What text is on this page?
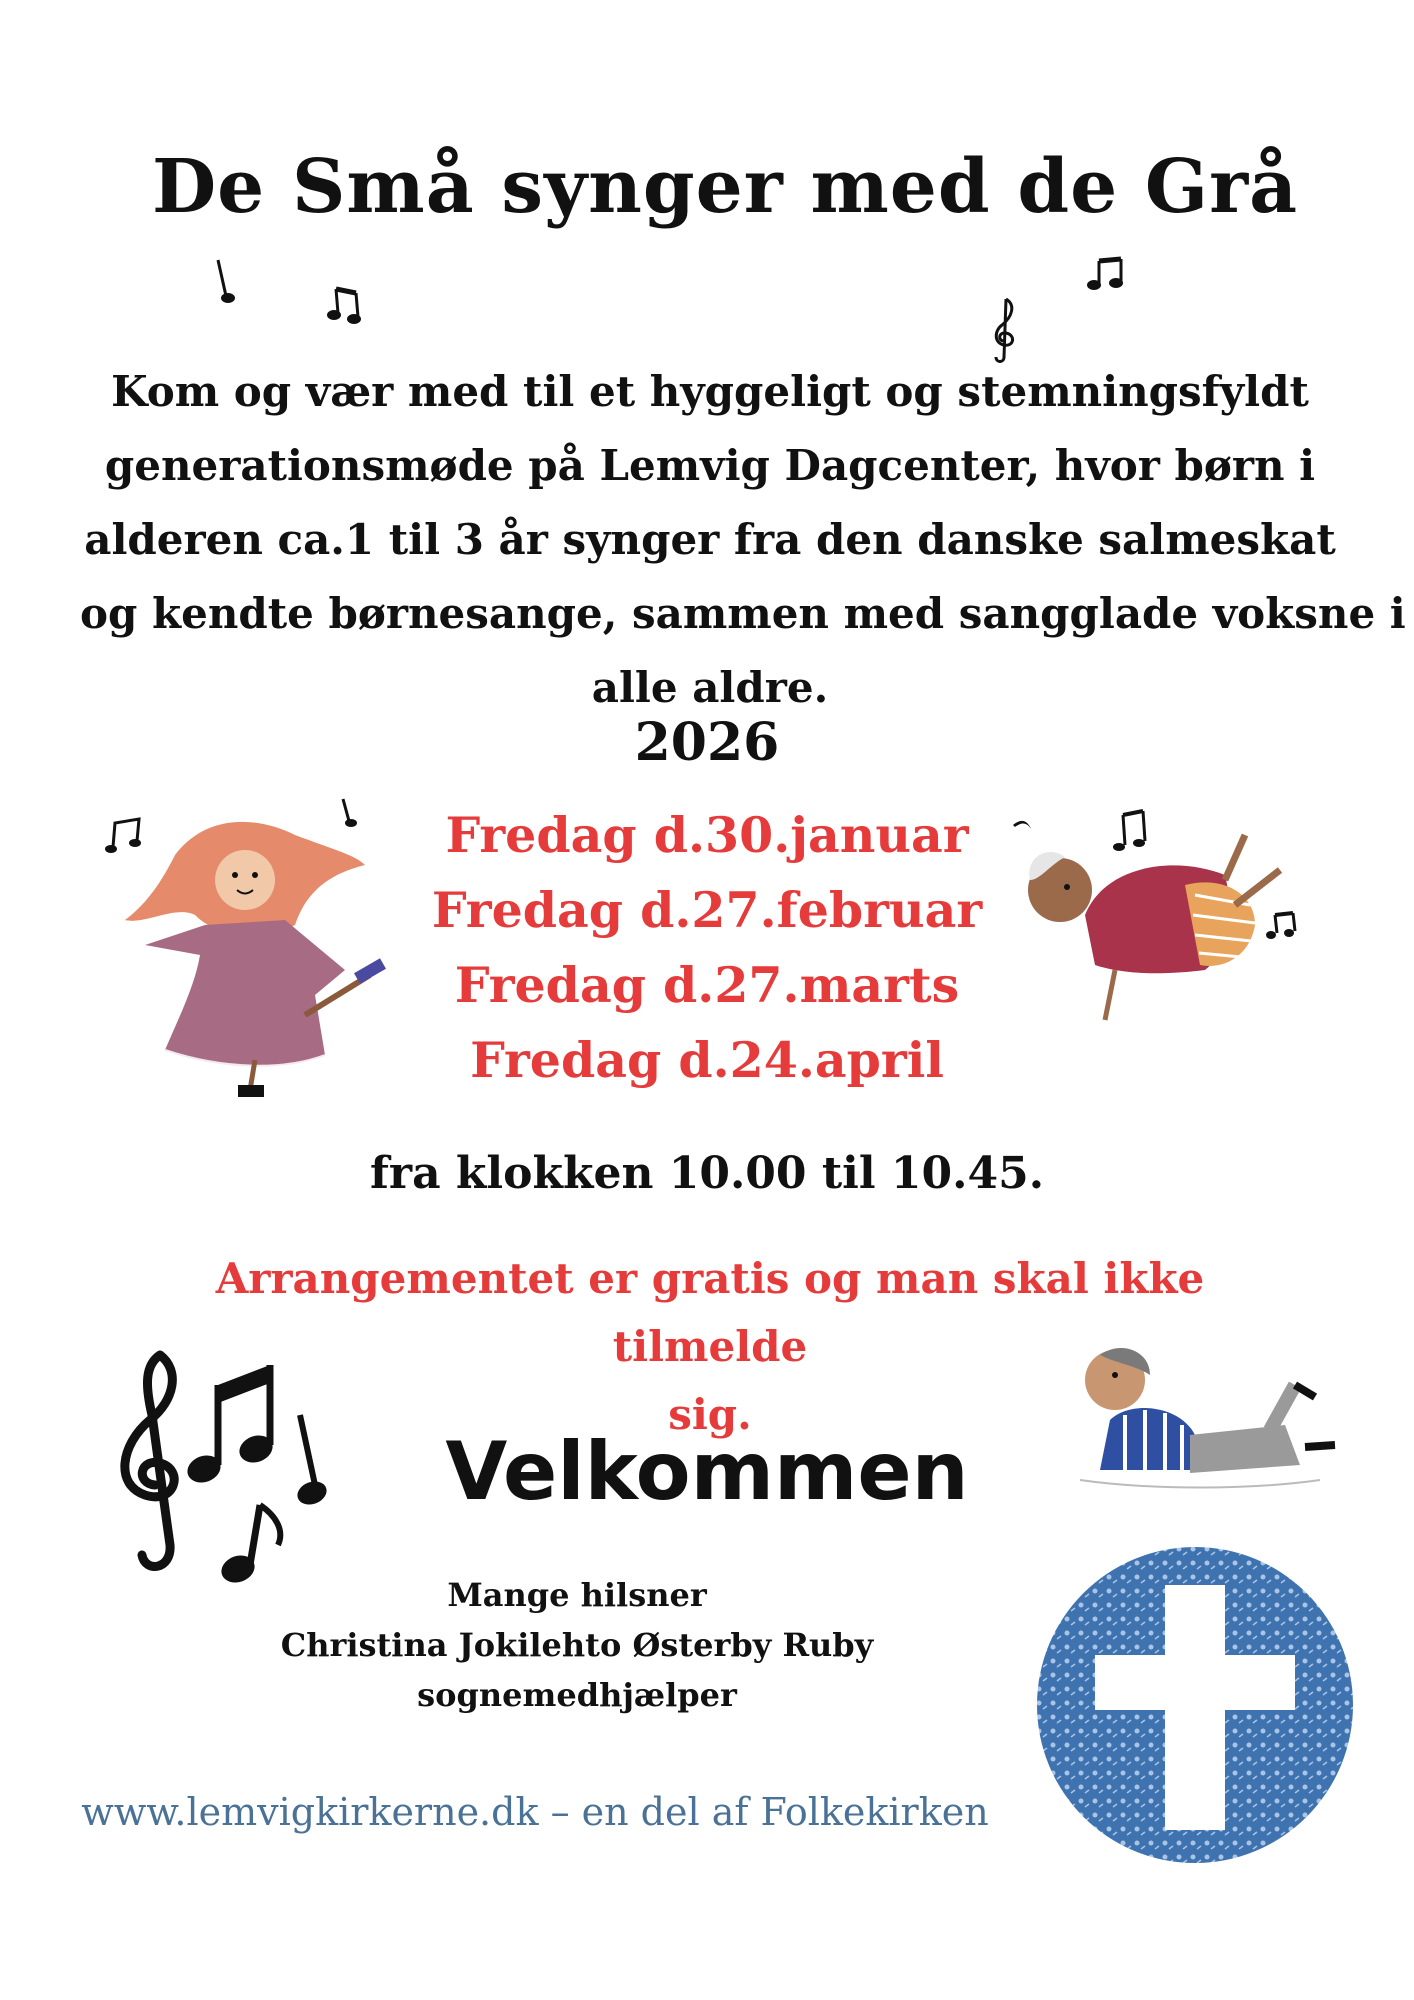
De Små synger med de Grå
Kom og vær med til et hyggeligt og stemningsfyldt
generationsmøde på Lemvig Dagcenter, hvor børn i
alderen ca.1 til 3 år synger fra den danske salmeskat
og kendte børnesange, sammen med sangglade voksne i
alle aldre.
2026
Fredag d.30.januar
Fredag d.27.februar
Fredag d.27.marts
Fredag d.24.april
fra klokken 10.00 til 10.45.
Arrangementet er gratis og man skal ikke tilmelde
sig.
Velkommen
Mange hilsner
Christina Jokilehto Østerby Ruby
sognemedhjælper
www.lemvigkirkerne.dk – en del af Folkekirken
